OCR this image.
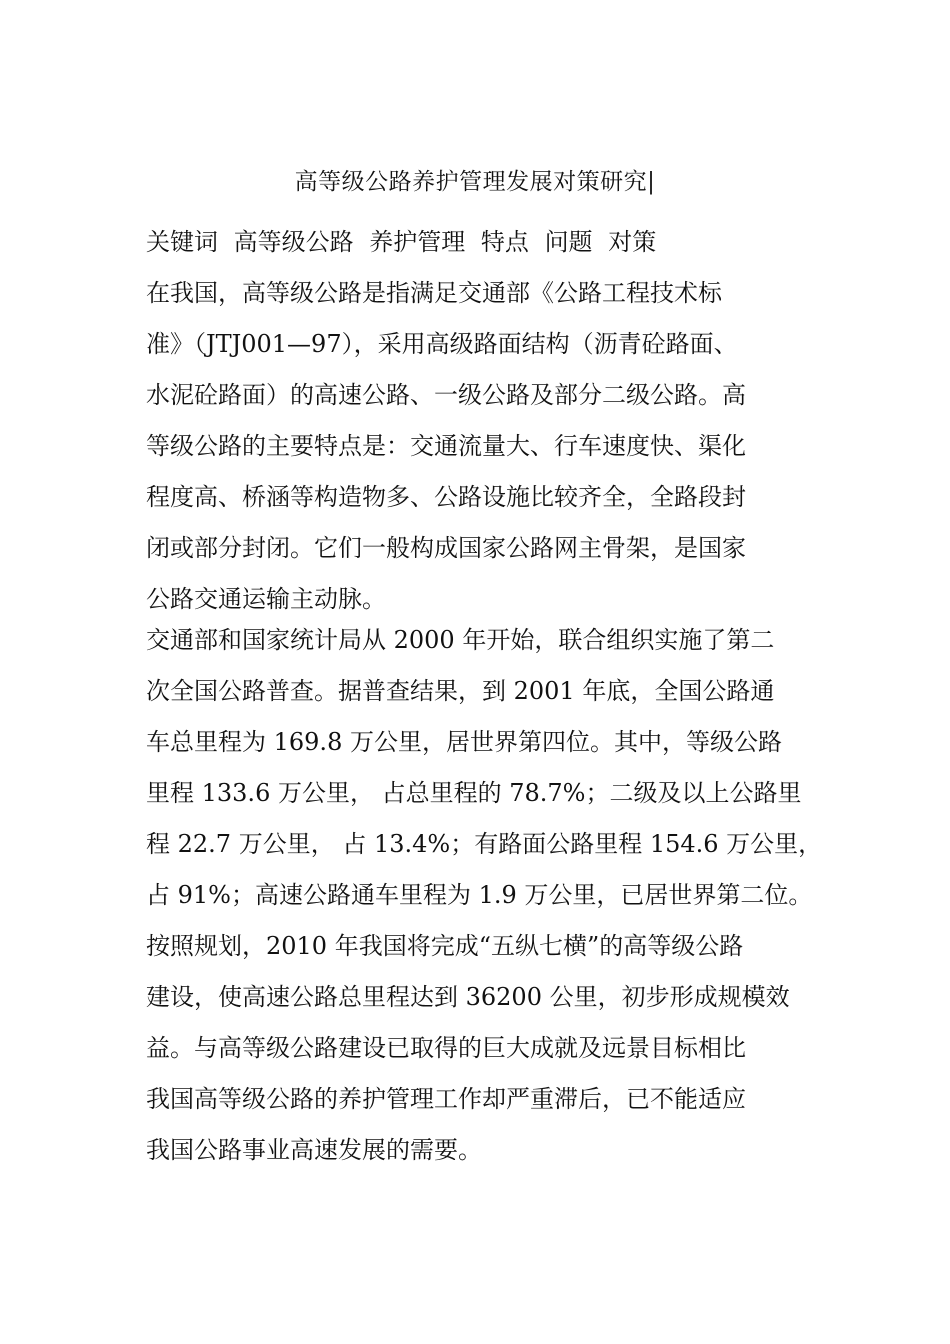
高等级公路养护管理发展对策研究|
关键词 高等级公路 养护管理 特点 问题 对策
在我国，高等级公路是指满足交通部《公路工程技术标
准》（JTJ001—97），采用高级路面结构（沥青砼路面、
水泥砼路面）的高速公路、一级公路及部分二级公路。高
等级公路的主要特点是：交通流量大、行车速度快、渠化
程度高、桥涵等构造物多、公路设施比较齐全，全路段封
闭或部分封闭。它们一般构成国家公路网主骨架，是国家
公路交通运输主动脉。
交通部和国家统计局从 2000 年开始，联合组织实施了第二
次全国公路普查。据普查结果，到 2001 年底，全国公路通
车总里程为 169.8 万公里，居世界第四位。其中，等级公路
里程 133.6 万公里， 占总里程的 78.7%；二级及以上公路里
程 22.7 万公里， 占 13.4%；有路面公路里程 154.6 万公里，
占 91%；高速公路通车里程为 1.9 万公里，已居世界第二位。
按照规划，2010 年我国将完成“五纵七横”的高等级公路
建设，使高速公路总里程达到 36200 公里，初步形成规模效
益。与高等级公路建设已取得的巨大成就及远景目标相比
我国高等级公路的养护管理工作却严重滞后，已不能适应
我国公路事业高速发展的需要。
